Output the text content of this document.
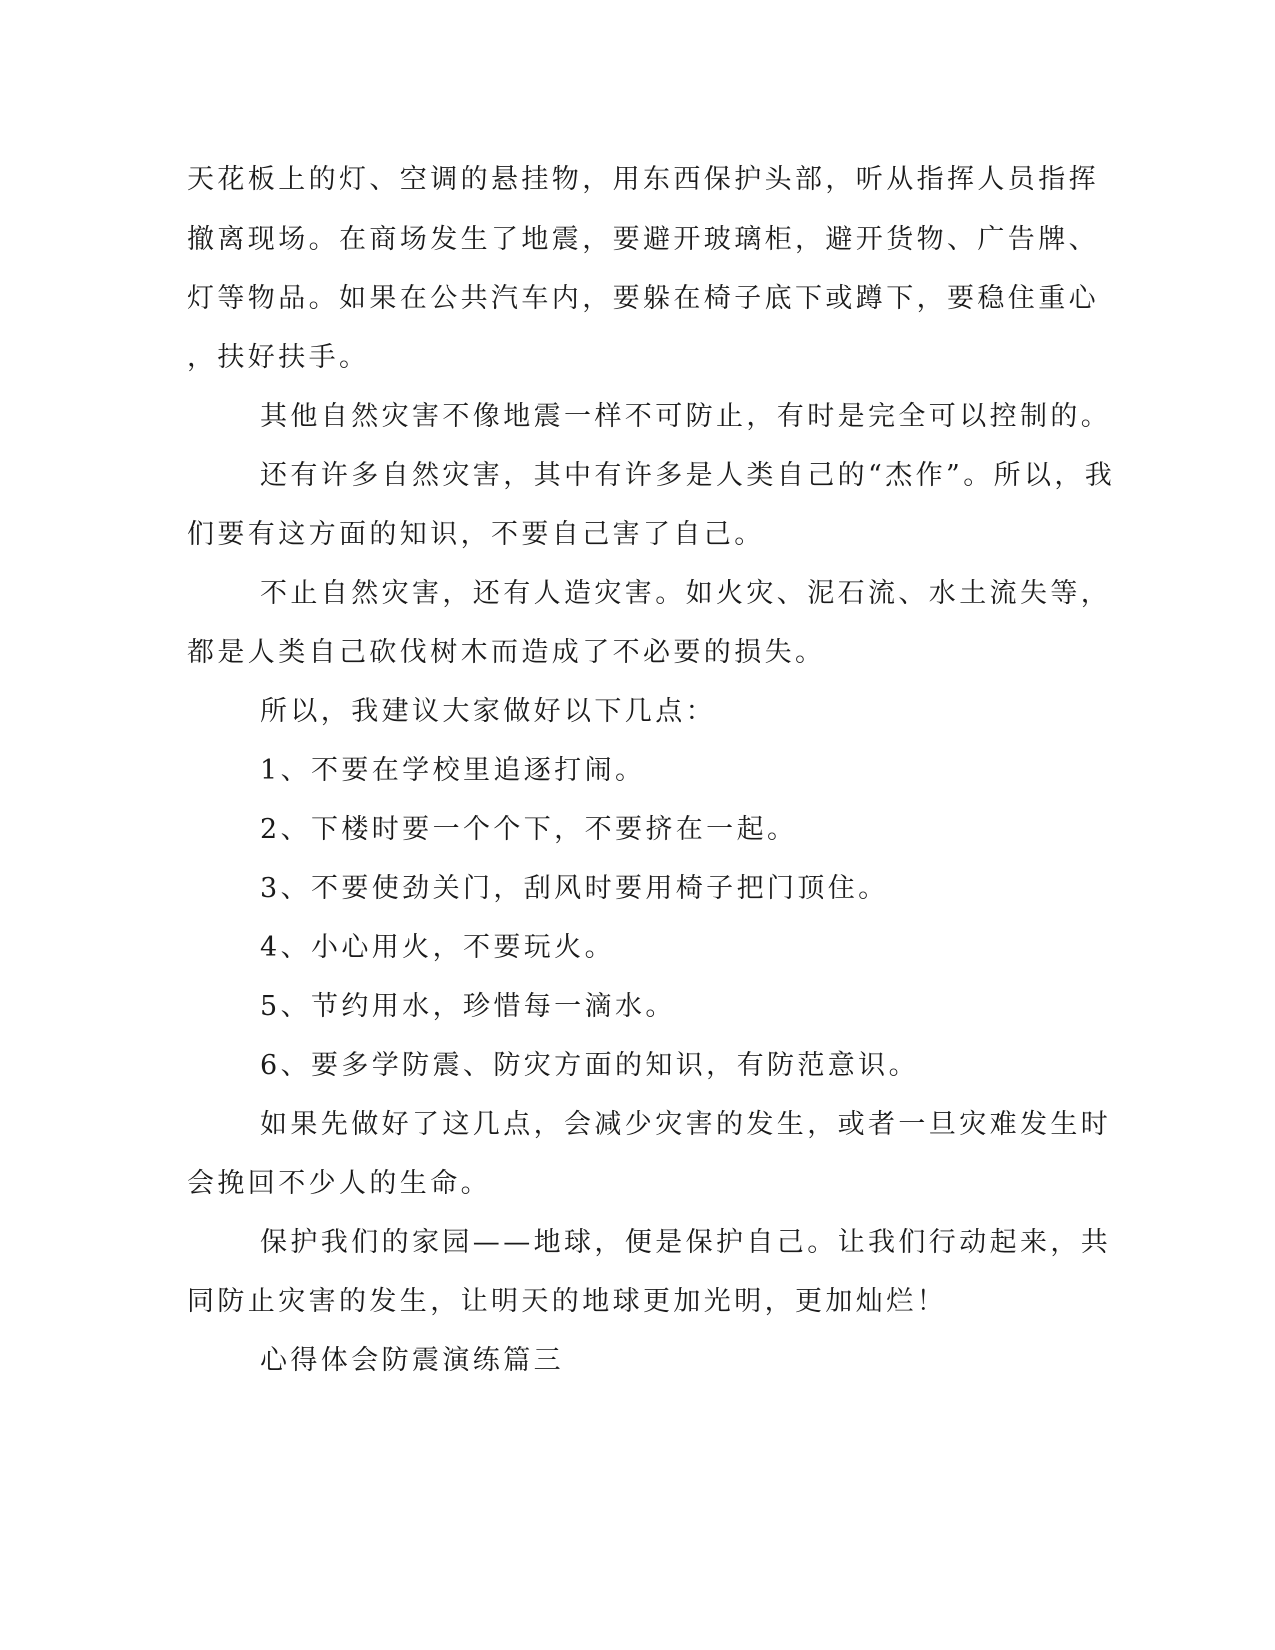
天花板上的灯、空调的悬挂物，用东西保护头部，听从指挥人员指挥
撤离现场。在商场发生了地震，要避开玻璃柜，避开货物、广告牌、
灯等物品。如果在公共汽车内，要躲在椅子底下或蹲下，要稳住重心
，扶好扶手。
其他自然灾害不像地震一样不可防止，有时是完全可以控制的。
还有许多自然灾害，其中有许多是人类自己的“杰作”。所以，我
们要有这方面的知识，不要自己害了自己。
不止自然灾害，还有人造灾害。如火灾、泥石流、水土流失等，
都是人类自己砍伐树木而造成了不必要的损失。
所以，我建议大家做好以下几点：
1、不要在学校里追逐打闹。
2、下楼时要一个个下，不要挤在一起。
3、不要使劲关门，刮风时要用椅子把门顶住。
4、小心用火，不要玩火。
5、节约用水，珍惜每一滴水。
6、要多学防震、防灾方面的知识，有防范意识。
如果先做好了这几点，会减少灾害的发生，或者一旦灾难发生时
会挽回不少人的生命。
保护我们的家园——地球，便是保护自己。让我们行动起来，共
同防止灾害的发生，让明天的地球更加光明，更加灿烂！
心得体会防震演练篇三
